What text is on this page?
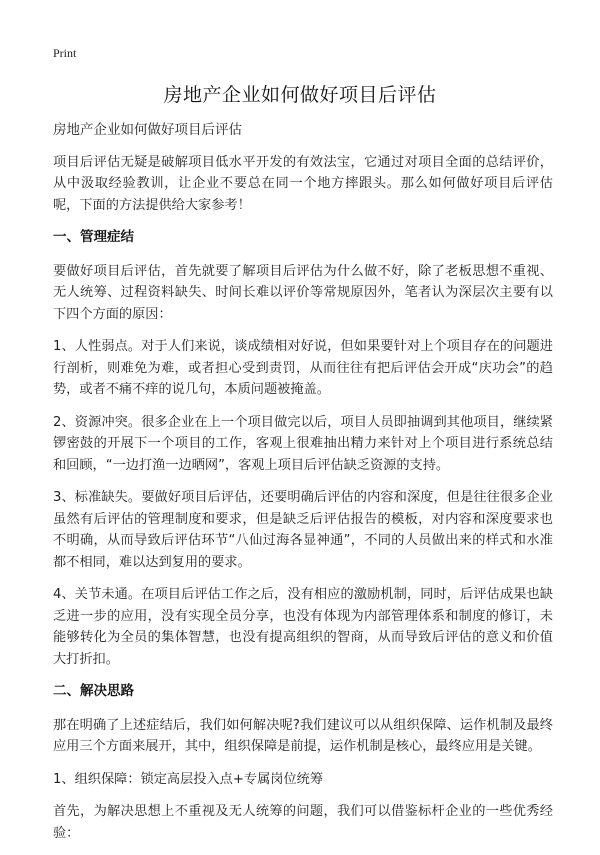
Print
房地产企业如何做好项目后评估

房地产企业如何做好项目后评估

项目后评估无疑是破解项目低水平开发的有效法宝，它通过对项目全面的总结评价，从中汲取经验教训，让企业不要总在同一个地方摔跟头。那么如何做好项目后评估呢，下面的方法提供给大家参考！

一、管理症结

要做好项目后评估，首先就要了解项目后评估为什么做不好，除了老板思想不重视、无人统筹、过程资料缺失、时间长难以评价等常规原因外，笔者认为深层次主要有以下四个方面的原因：

1、人性弱点。对于人们来说，谈成绩相对好说，但如果要针对上个项目存在的问题进行剖析，则难免为难，或者担心受到责罚，从而往往有把后评估会开成“庆功会”的趋势，或者不痛不痒的说几句，本质问题被掩盖。

2、资源冲突。很多企业在上一个项目做完以后，项目人员即抽调到其他项目，继续紧锣密鼓的开展下一个项目的工作，客观上很难抽出精力来针对上个项目进行系统总结和回顾，“一边打渔一边晒网”，客观上项目后评估缺乏资源的支持。

3、标准缺失。要做好项目后评估，还要明确后评估的内容和深度，但是往往很多企业虽然有后评估的管理制度和要求，但是缺乏后评估报告的模板，对内容和深度要求也不明确，从而导致后评估环节“八仙过海各显神通”，不同的人员做出来的样式和水准都不相同，难以达到复用的要求。

4、关节未通。在项目后评估工作之后，没有相应的激励机制，同时，后评估成果也缺乏进一步的应用，没有实现全员分享，也没有体现为内部管理体系和制度的修订，未能够转化为全员的集体智慧，也没有提高组织的智商，从而导致后评估的意义和价值大打折扣。

二、解决思路

那在明确了上述症结后，我们如何解决呢?我们建议可以从组织保障、运作机制及最终应用三个方面来展开，其中，组织保障是前提，运作机制是核心，最终应用是关键。

1、组织保障：锁定高层投入点+专属岗位统筹

首先，为解决思想上不重视及无人统筹的问题，我们可以借鉴标杆企业的一些优秀经验：
